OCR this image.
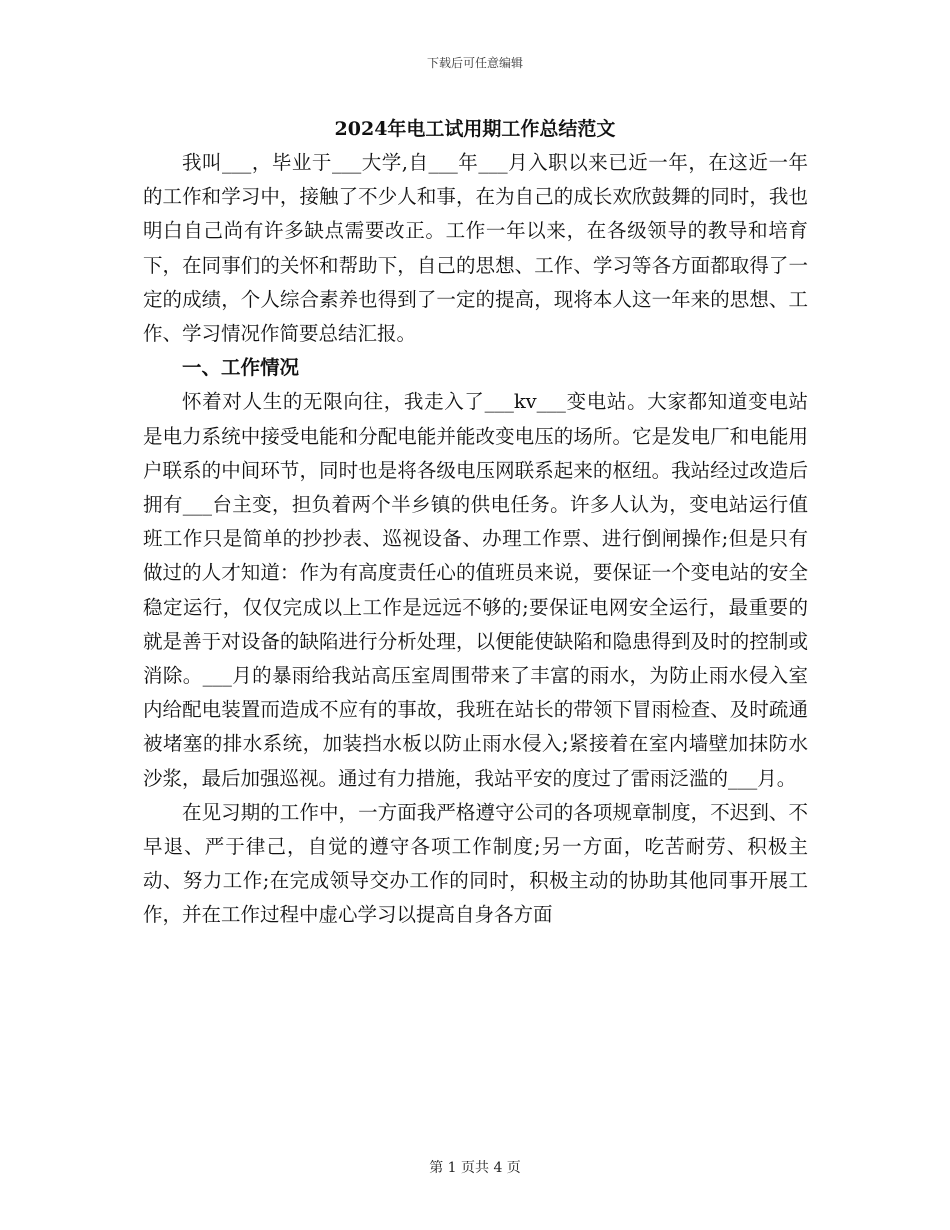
下载后可任意编辑
2024年电工试用期工作总结范文

我叫___，毕业于___大学,自___年___月入职以来已近一年，在这近一年的工作和学习中，接触了不少人和事，在为自己的成长欢欣鼓舞的同时，我也明白自己尚有许多缺点需要改正。工作一年以来，在各级领导的教导和培育下，在同事们的关怀和帮助下，自己的思想、工作、学习等各方面都取得了一定的成绩，个人综合素养也得到了一定的提高，现将本人这一年来的思想、工作、学习情况作简要总结汇报。

一、工作情况

怀着对人生的无限向往，我走入了___kv___变电站。大家都知道变电站是电力系统中接受电能和分配电能并能改变电压的场所。它是发电厂和电能用户联系的中间环节，同时也是将各级电压网联系起来的枢纽。我站经过改造后拥有___台主变，担负着两个半乡镇的供电任务。许多人认为，变电站运行值班工作只是简单的抄抄表、巡视设备、办理工作票、进行倒闸操作;但是只有做过的人才知道：作为有高度责任心的值班员来说，要保证一个变电站的安全稳定运行，仅仅完成以上工作是远远不够的;要保证电网安全运行，最重要的就是善于对设备的缺陷进行分析处理，以便能使缺陷和隐患得到及时的控制或消除。___月的暴雨给我站高压室周围带来了丰富的雨水，为防止雨水侵入室内给配电装置而造成不应有的事故，我班在站长的带领下冒雨检查、及时疏通被堵塞的排水系统，加装挡水板以防止雨水侵入;紧接着在室内墙壁加抹防水沙浆，最后加强巡视。通过有力措施，我站平安的度过了雷雨泛滥的___月。

在见习期的工作中，一方面我严格遵守公司的各项规章制度，不迟到、不早退、严于律己，自觉的遵守各项工作制度;另一方面，吃苦耐劳、积极主动、努力工作;在完成领导交办工作的同时，积极主动的协助其他同事开展工作，并在工作过程中虚心学习以提高自身各方面

第 1 页共 4 页
